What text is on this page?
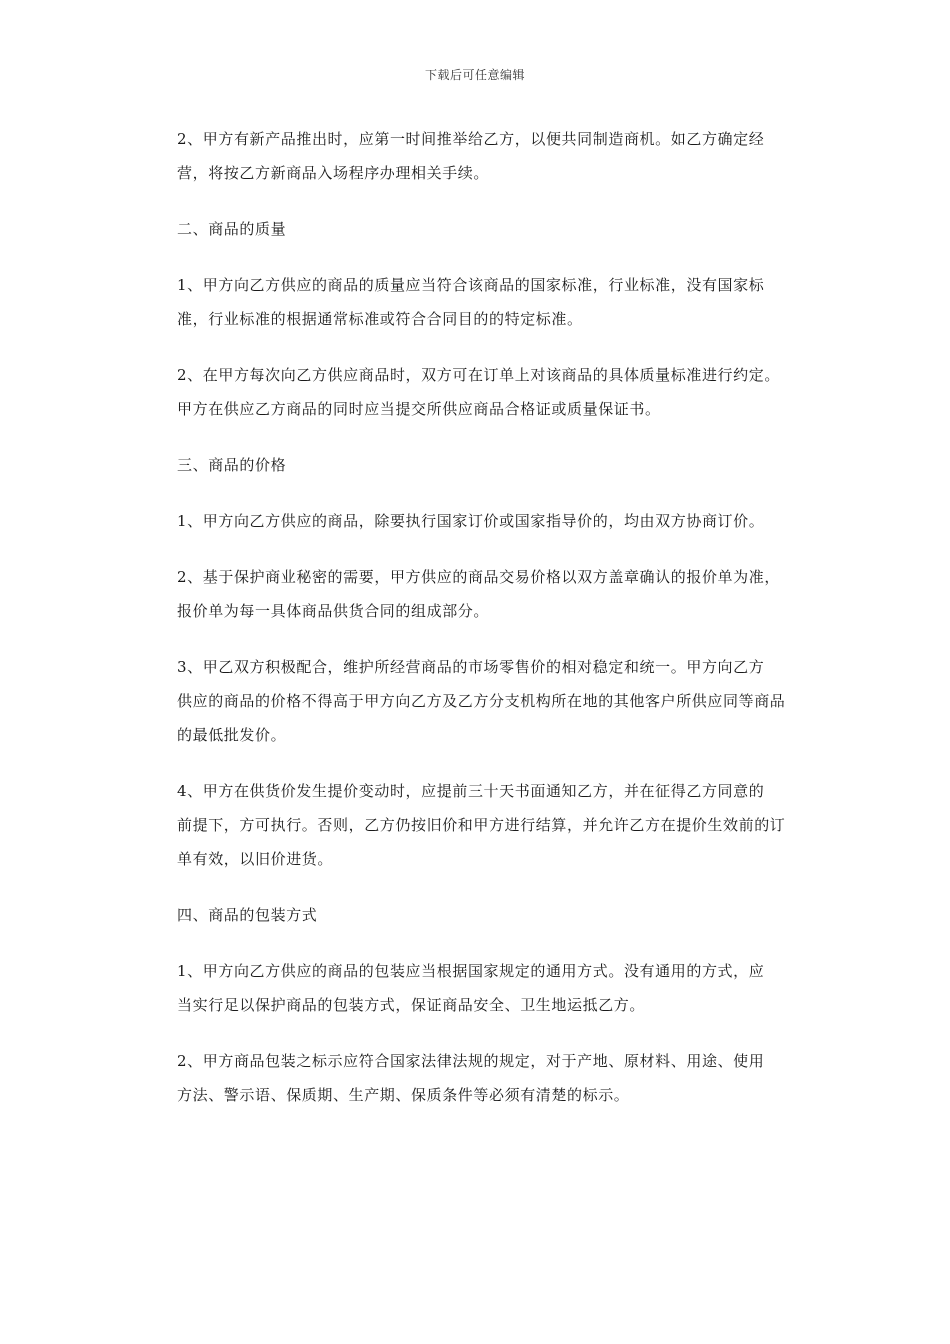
下载后可任意编辑

2、甲方有新产品推出时，应第一时间推举给乙方，以便共同制造商机。如乙方确定经
营，将按乙方新商品入场程序办理相关手续。

二、商品的质量

1、甲方向乙方供应的商品的质量应当符合该商品的国家标准，行业标准，没有国家标
准，行业标准的根据通常标准或符合合同目的的特定标准。

2、在甲方每次向乙方供应商品时，双方可在订单上对该商品的具体质量标准进行约定。
甲方在供应乙方商品的同时应当提交所供应商品合格证或质量保证书。

三、商品的价格

1、甲方向乙方供应的商品，除要执行国家订价或国家指导价的，均由双方协商订价。

2、基于保护商业秘密的需要，甲方供应的商品交易价格以双方盖章确认的报价单为准，
报价单为每一具体商品供货合同的组成部分。

3、甲乙双方积极配合，维护所经营商品的市场零售价的相对稳定和统一。甲方向乙方
供应的商品的价格不得高于甲方向乙方及乙方分支机构所在地的其他客户所供应同等商品
的最低批发价。

4、甲方在供货价发生提价变动时，应提前三十天书面通知乙方，并在征得乙方同意的
前提下，方可执行。否则，乙方仍按旧价和甲方进行结算，并允许乙方在提价生效前的订
单有效，以旧价进货。

四、商品的包装方式

1、甲方向乙方供应的商品的包装应当根据国家规定的通用方式。没有通用的方式，应
当实行足以保护商品的包装方式，保证商品安全、卫生地运抵乙方。

2、甲方商品包装之标示应符合国家法律法规的规定，对于产地、原材料、用途、使用
方法、警示语、保质期、生产期、保质条件等必须有清楚的标示。
